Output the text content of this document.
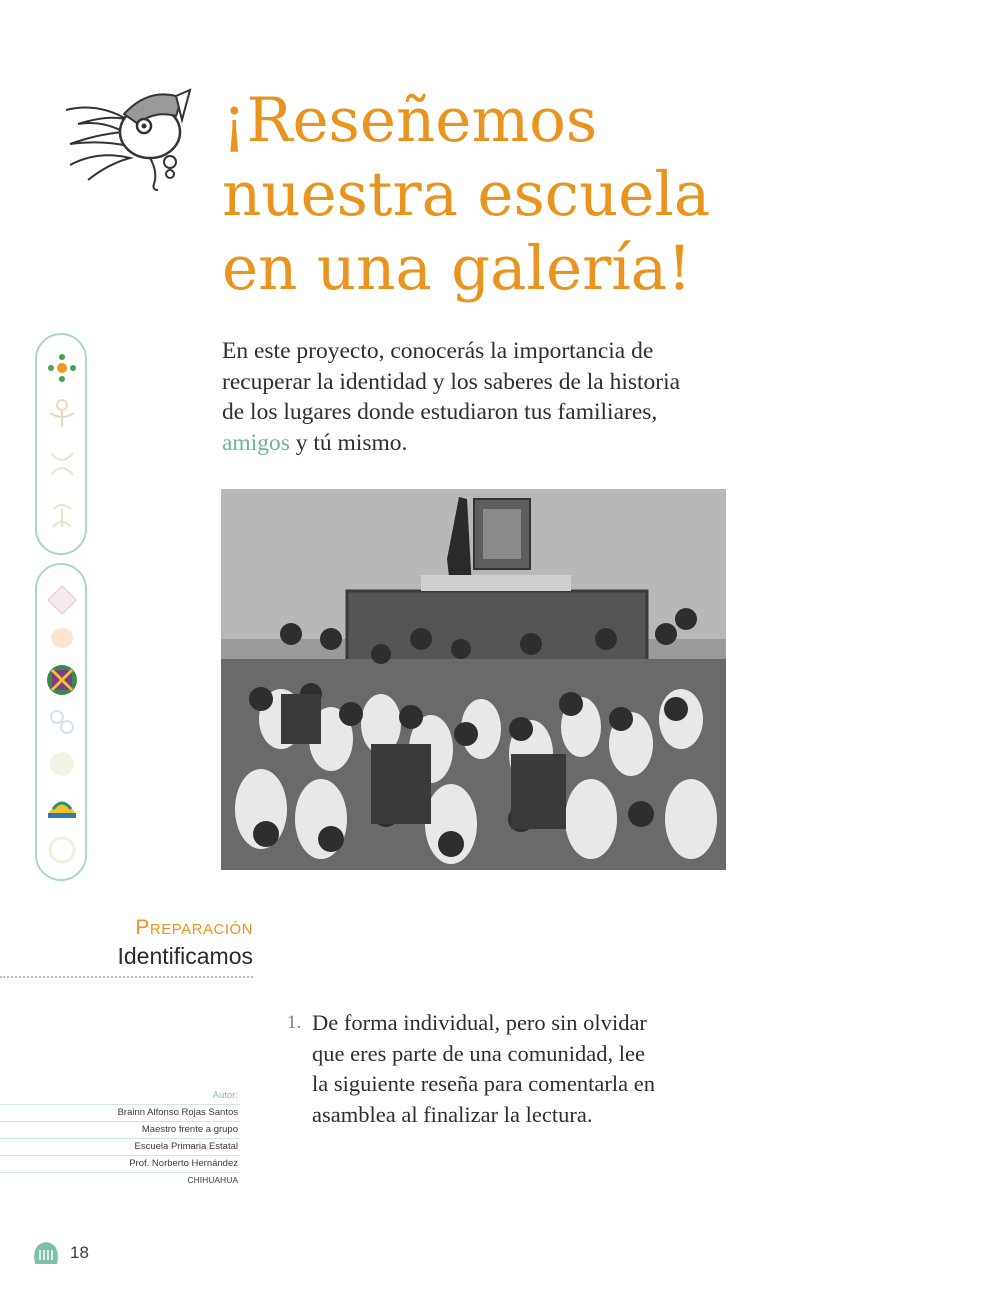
¡Reseñemos
nuestra escuela
en una galería!

En este proyecto, conocerás la importancia de
recuperar la identidad y los saberes de la historia
de los lugares donde estudiaron tus familiares,
amigos y tú mismo.

Preparación
Identificamos
1. De forma individual, pero sin olvidar
que eres parte de una comunidad, lee
la siguiente reseña para comentarla en
asamblea al finalizar la lectura.
Autor:
Brainn Alfonso Rojas Santos
Maestro frente a grupo
Escuela Primaria Estatal
Prof. Norberto Hernández
CHIHUAHUA
18
